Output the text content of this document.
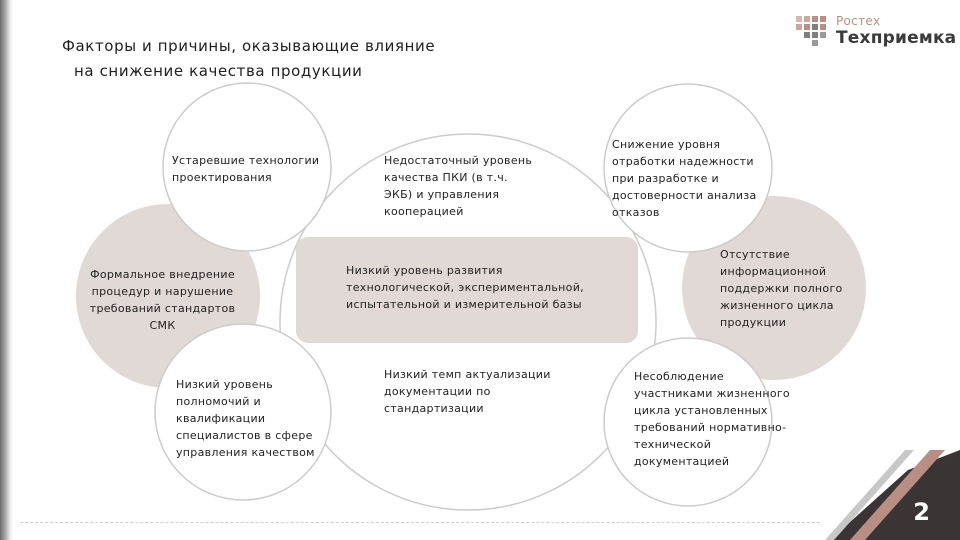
Факторы и причины, оказывающие влияние
на снижение качества продукции
Ростех
Техприемка
Устаревшие технологии
проектирования
Формальное внедрение
процедур и нарушение
требований стандартов
СМК
Низкий уровень
полномочий и
квалификации
специалистов в сфере
управления качеством
Недостаточный уровень
качества ПКИ (в т.ч.
ЭКБ) и управления
кооперацией
Низкий уровень развития
технологической, экспериментальной,
испытательной и измерительной базы
Низкий темп актуализации
документации по
стандартизации
Снижение уровня
отработки надежности
при разработке и
достоверности анализа
отказов
Отсутствие
информационной
поддержки полного
жизненного цикла
продукции
Несоблюдение
участниками жизненного
цикла установленных
требований нормативно-
технической
документацией
2
